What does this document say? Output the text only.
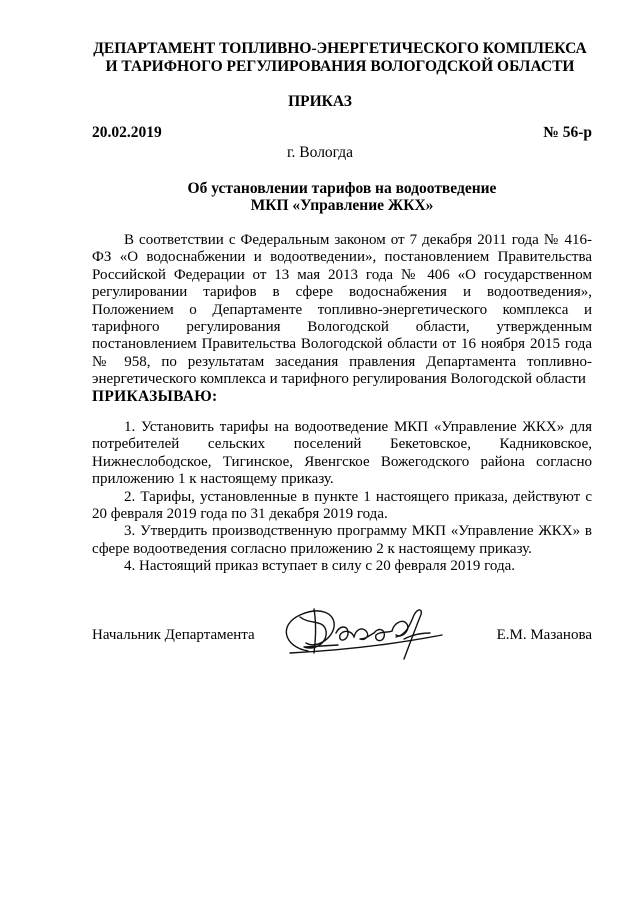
ДЕПАРТАМЕНТ ТОПЛИВНО-ЭНЕРГЕТИЧЕСКОГО КОМПЛЕКСА
И ТАРИФНОГО РЕГУЛИРОВАНИЯ ВОЛОГОДСКОЙ ОБЛАСТИ
ПРИКАЗ
20.02.2019	№ 56-р
г. Вологда
Об установлении тарифов на водоотведение
МКП «Управление ЖКХ»
В соответствии с Федеральным законом от 7 декабря 2011 года № 416-ФЗ «О водоснабжении и водоотведении», постановлением Правительства Российской Федерации от 13 мая 2013 года № 406 «О государственном регулировании тарифов в сфере водоснабжения и водоотведения», Положением о Департаменте топливно-энергетического комплекса и тарифного регулирования Вологодской области, утвержденным постановлением Правительства Вологодской области от 16 ноября 2015 года № 958, по результатам заседания правления Департамента топливно-энергетического комплекса и тарифного регулирования Вологодской области
ПРИКАЗЫВАЮ:

1. Установить тарифы на водоотведение МКП «Управление ЖКХ» для потребителей сельских поселений Бекетовское, Кадниковское, Нижнеслободское, Тигинское, Явенгское Вожегодского района согласно приложению 1 к настоящему приказу.

2. Тарифы, установленные в пункте 1 настоящего приказа, действуют с 20 февраля 2019 года по 31 декабря 2019 года.

3. Утвердить производственную программу МКП «Управление ЖКХ» в сфере водоотведения согласно приложению 2 к настоящему приказу.

4. Настоящий приказ вступает в силу с 20 февраля 2019 года.

Начальник Департамента	Е.М. Мазанова
